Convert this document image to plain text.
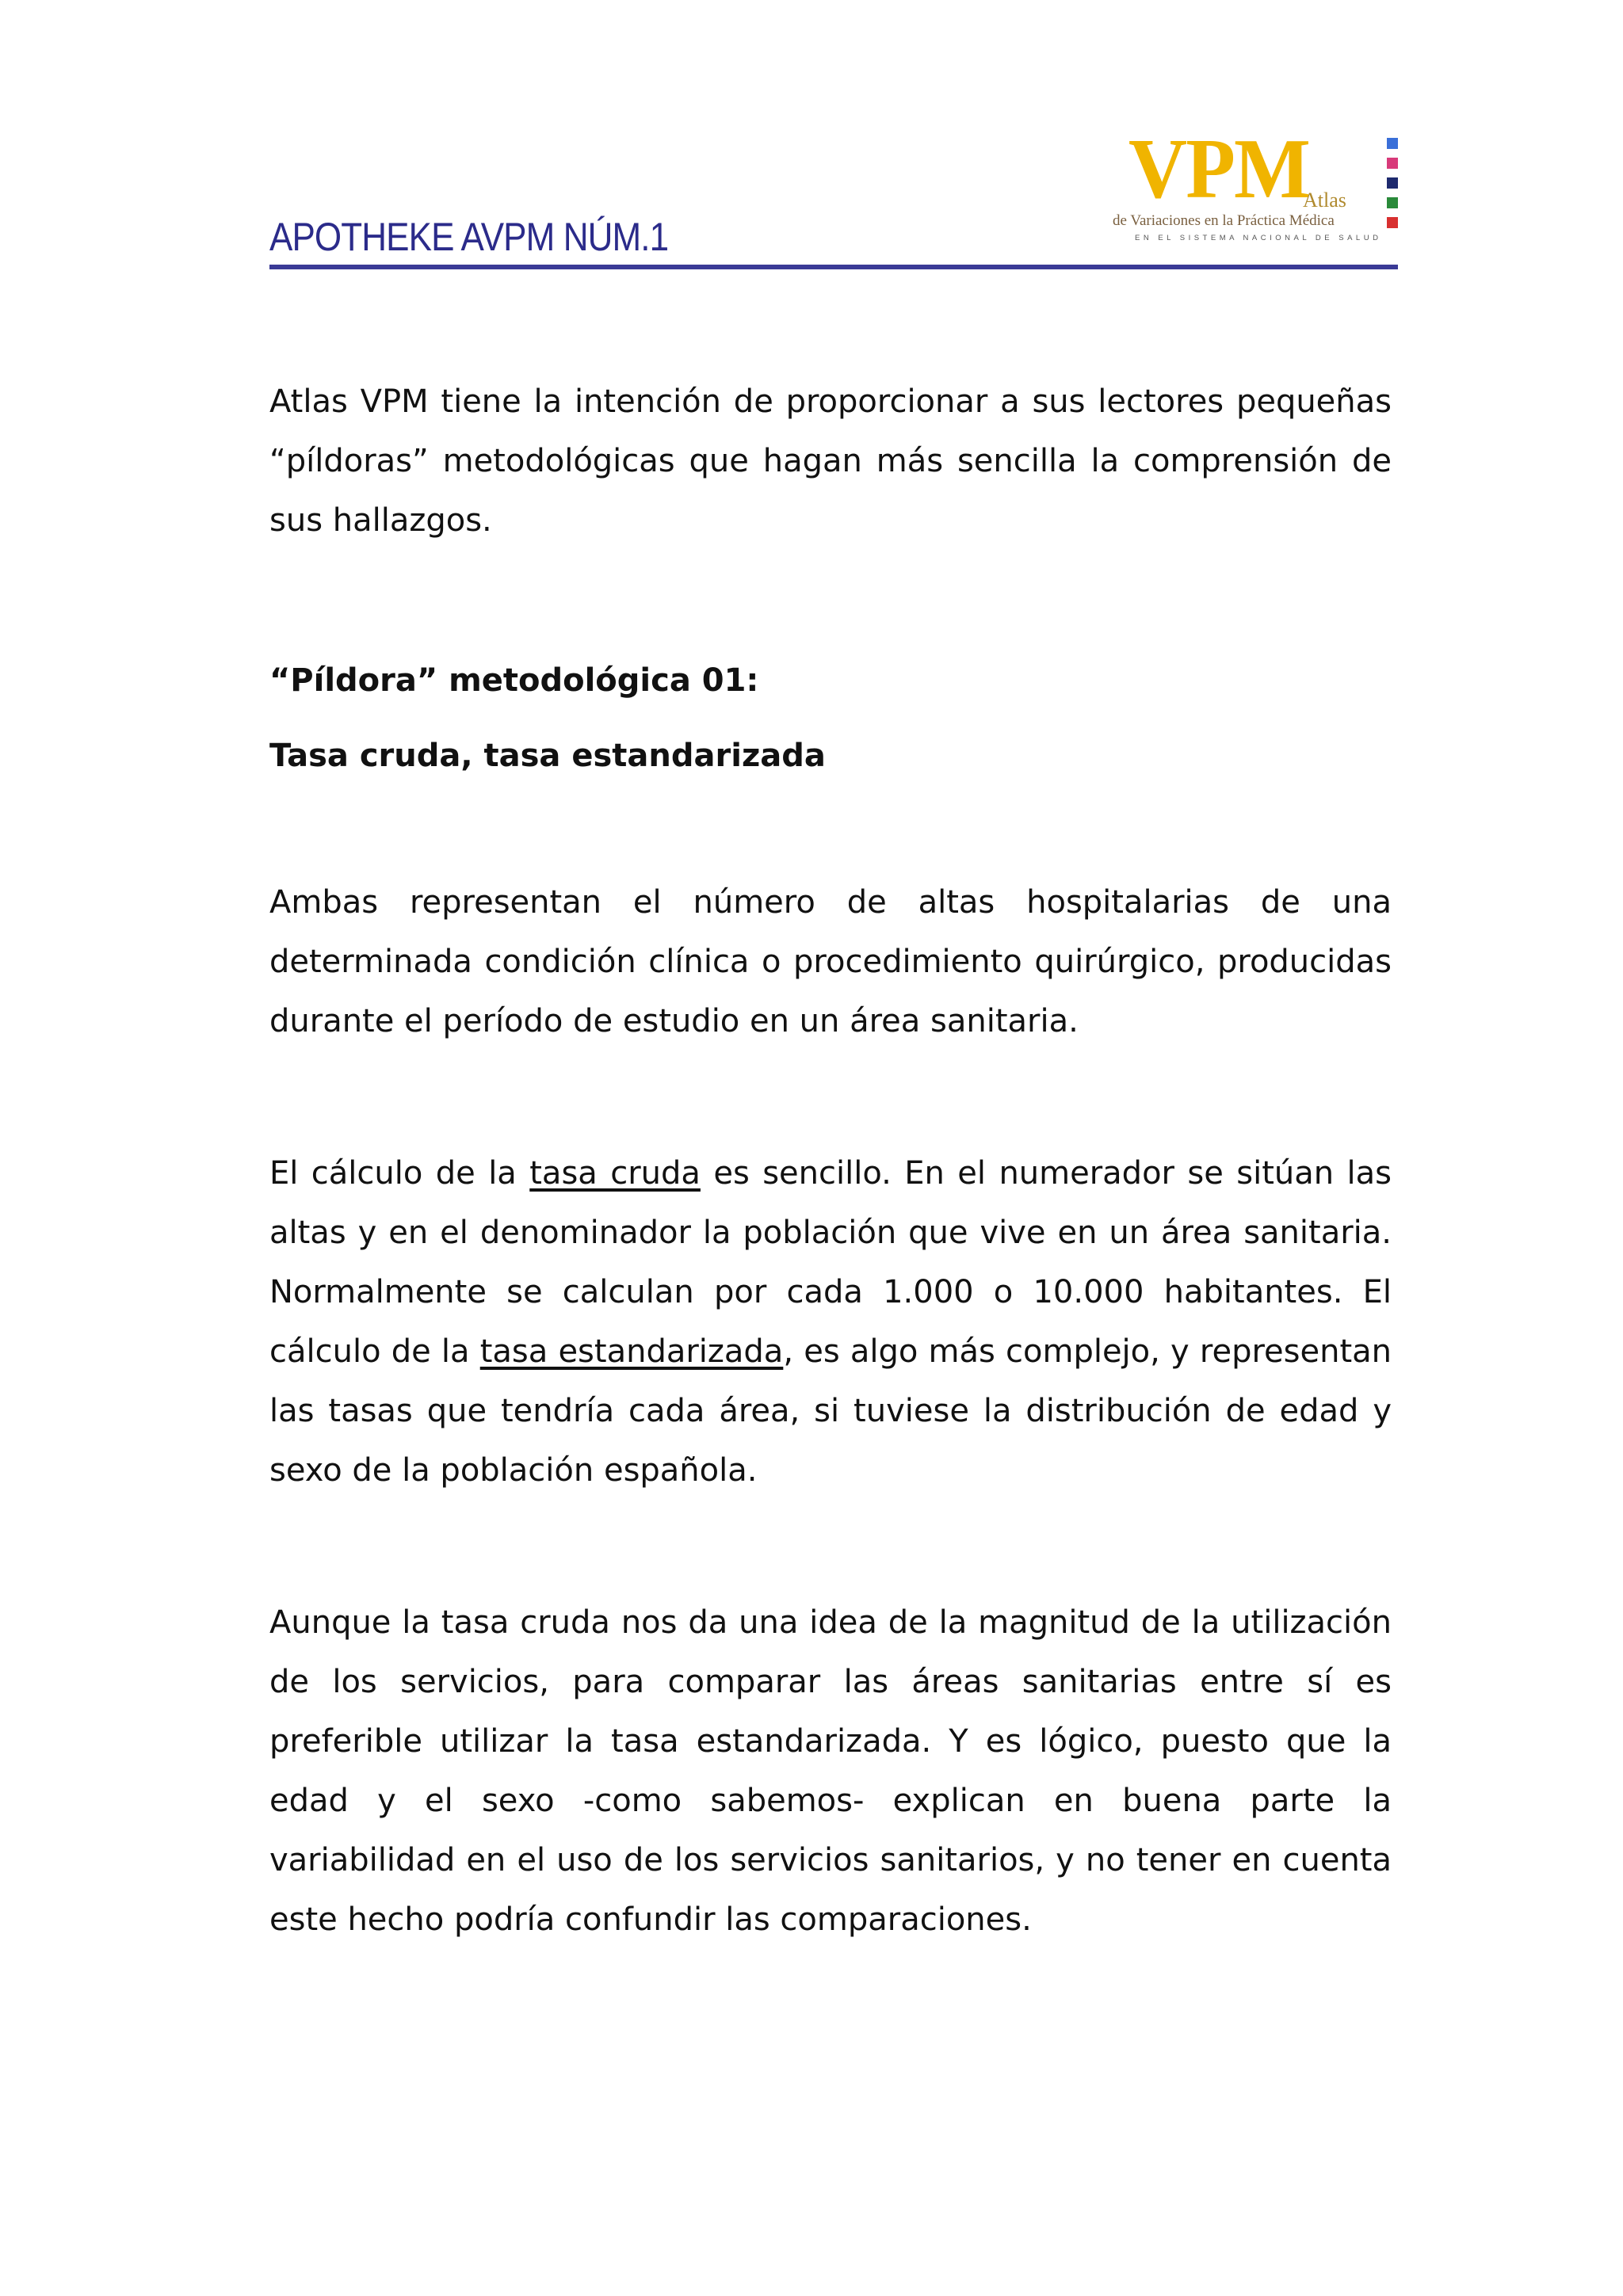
APOTHEKE AVPM NÚM.1
VPM
Atlas
de Variaciones en la Práctica Médica
EN EL SISTEMA NACIONAL DE SALUD

Atlas VPM tiene la intención de proporcionar a sus lectores pequeñas “píldoras” metodológicas que hagan más sencilla la comprensión de sus hallazgos.

“Píldora” metodológica 01:

Tasa cruda, tasa estandarizada

Ambas representan el número de altas hospitalarias de una determinada condición clínica o procedimiento quirúrgico, producidas durante el período de estudio en un área sanitaria.

El cálculo de la tasa cruda es sencillo. En el numerador se sitúan las altas y en el denominador la población que vive en un área sanitaria. Normalmente se calculan por cada 1.000 o 10.000 habitantes. El cálculo de la tasa estandarizada, es algo más complejo, y representan las tasas que tendría cada área, si tuviese la distribución de edad y sexo de la población española.

Aunque la tasa cruda nos da una idea de la magnitud de la utilización de los servicios, para comparar las áreas sanitarias entre sí es preferible utilizar la tasa estandarizada. Y es lógico, puesto que la edad y el sexo -como sabemos- explican en buena parte la variabilidad en el uso de los servicios sanitarios, y no tener en cuenta este hecho podría confundir las comparaciones.
